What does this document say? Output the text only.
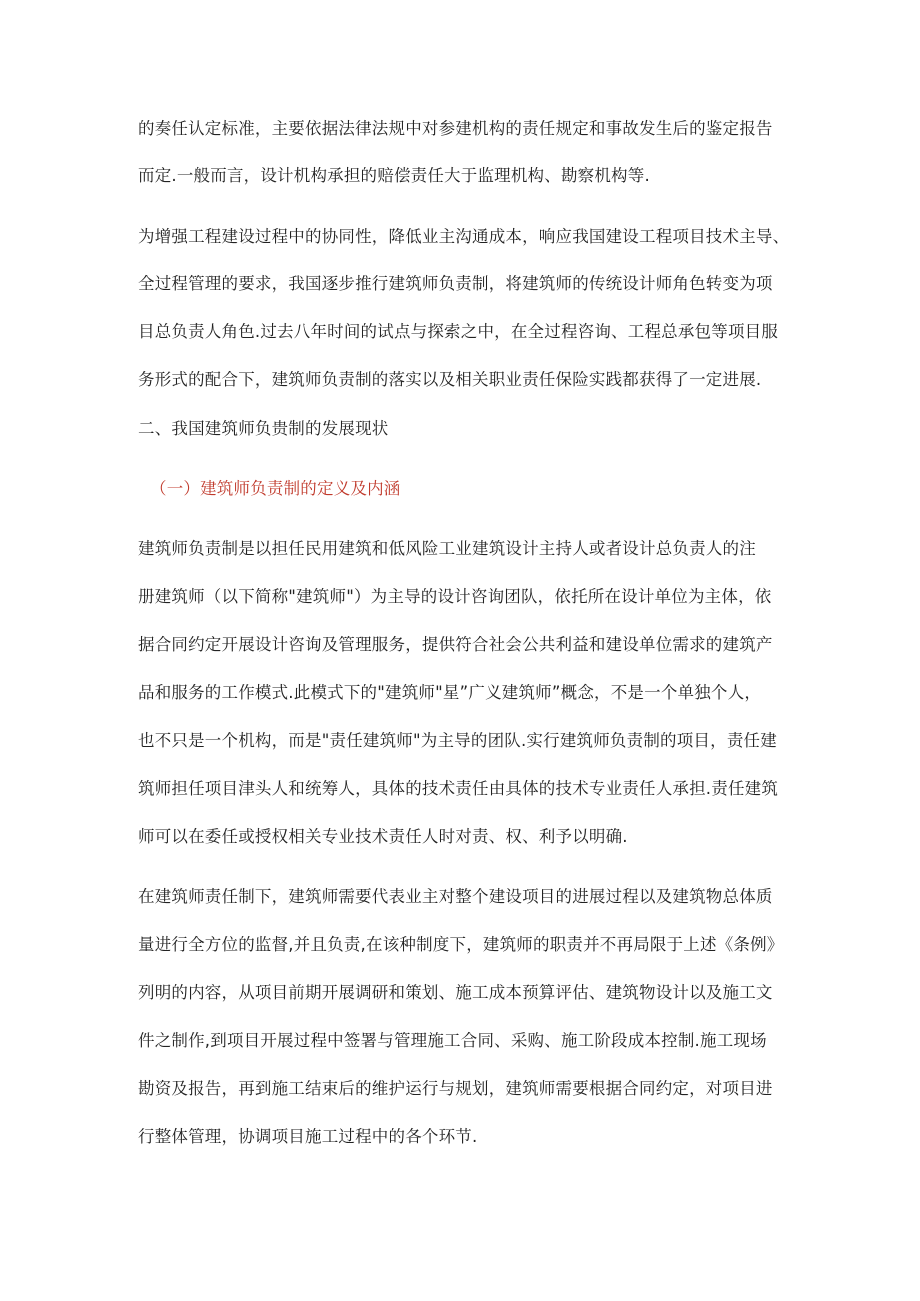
的奏任认定标准，主要依据法律法规中对参建机构的责任规定和事故发生后的鉴定报告
而定.一般而言，设计机构承担的赔偿责任大于监理机构、勘察机构等.
为增强工程建设过程中的协同性，降低业主沟通成本，响应我国建设工程项目技术主导、
全过程管理的要求，我国逐步推行建筑师负责制，将建筑师的传统设计师角色转变为项
目总负责人角色.过去八年时间的试点与探索之中，在全过程咨询、工程总承包等项目服
务形式的配合下，建筑师负责制的落实以及相关职业责任保险实践都获得了一定进展.
二、我国建筑师负贵制的发展现状
（一）建筑师负责制的定义及内涵
建筑师负责制是以担任民用建筑和低风险工业建筑设计主持人或者设计总负责人的注
册建筑师（以下简称"建筑师"）为主导的设计咨询团队，依托所在设计单位为主体，依
据合同约定开展设计咨询及管理服务，提供符合社会公共利益和建设单位需求的建筑产
品和服务的工作模式.此模式下的"建筑师"星”广义建筑师”概念，不是一个单独个人，
也不只是一个机构，而是"责任建筑师"为主导的团队.实行建筑师负责制的项目，责任建
筑师担任项目津头人和统筹人，具体的技术责任由具体的技术专业责任人承担.责任建筑
师可以在委任或授权相关专业技术责任人时对责、权、利予以明确.
在建筑师责任制下，建筑师需要代表业主对整个建设项目的进展过程以及建筑物总体质
量进行全方位的监督,并且负责,在该种制度下，建筑师的职责并不再局限于上述《条例》
列明的内容，从项目前期开展调研和策划、施工成本预算评估、建筑物设计以及施工文
件之制作,到项目开展过程中签署与管理施工合同、采购、施工阶段成本控制.施工现场
勘资及报告，再到施工结束后的维护运行与规划，建筑师需要根据合同约定，对项目进
行整体管理，协调项目施工过程中的各个环节.
